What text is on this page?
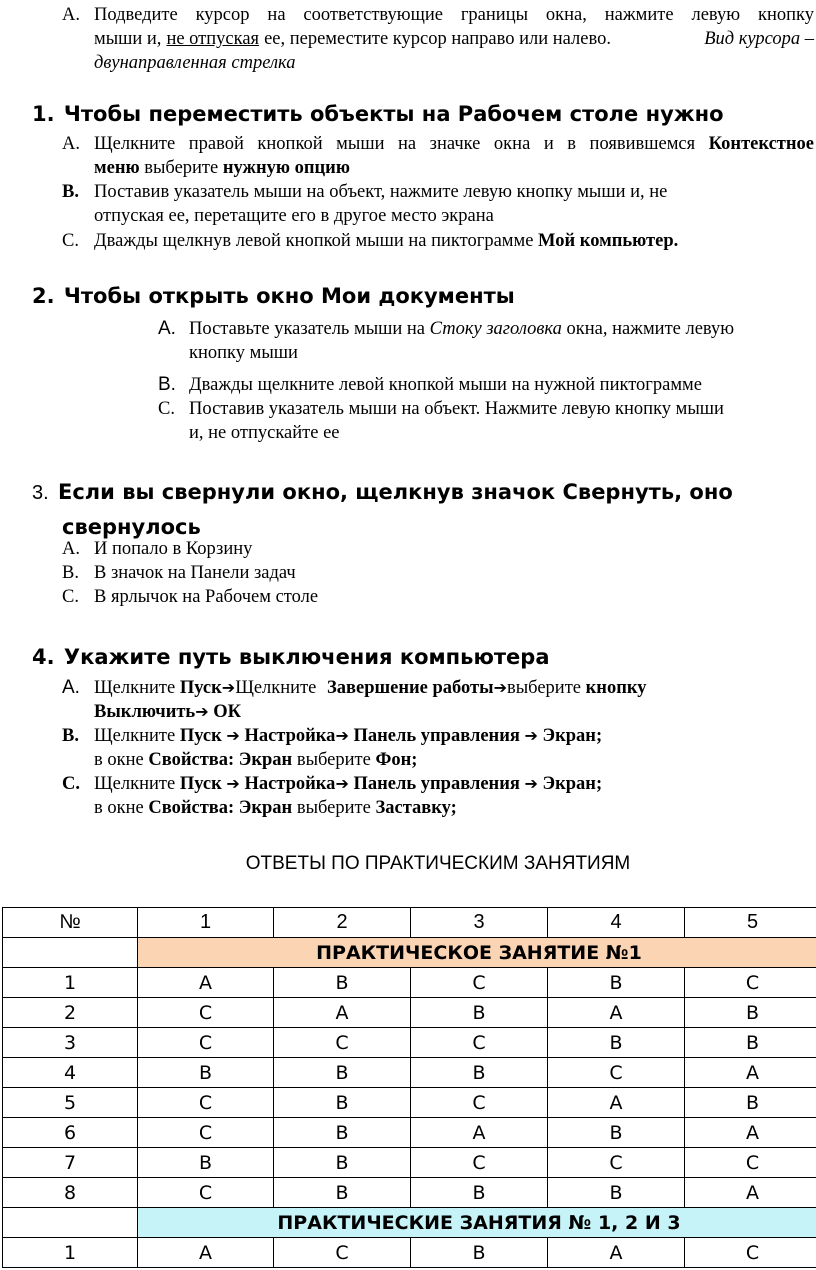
A. Подведите курсор на соответствующие границы окна, нажмите левую кнопку
мыши и, не отпуская ее, переместите курсор направо или налево.	Вид курсора –
двунаправленная стрелка
1. Чтобы переместить объекты на Рабочем столе нужно
A. Щелкните правой кнопкой мыши на значке окна и в появившемся Контекстное
меню выберите нужную опцию
B. Поставив указатель мыши на объект, нажмите левую кнопку мыши и, не
отпуская ее, перетащите его в другое место экрана
C. Дважды щелкнув левой кнопкой мыши на пиктограмме Мой компьютер.
2. Чтобы открыть окно Мои документы
A. Поставьте указатель мыши на Стоку заголовка окна, нажмите левую
кнопку мыши
B. Дважды щелкните левой кнопкой мыши на нужной пиктограмме
C. Поставив указатель мыши на объект. Нажмите левую кнопку мыши
и, не отпускайте ее
3. Если вы свернули окно, щелкнув значок Свернуть, оно
свернулось
A. И попало в Корзину
B. В значок на Панели задач
C. В ярлычок на Рабочем столе
4. Укажите путь выключения компьютера
A. Щелкните Пуск➔Щелкните Завершение работы➔выберите кнопку
Выключить➔ ОК
B. Щелкните Пуск ➔ Настройка➔ Панель управления ➔ Экран;
в окне Свойства: Экран выберите Фон;
C. Щелкните Пуск ➔ Настройка➔ Панель управления ➔ Экран;
в окне Свойства: Экран выберите Заставку;
ОТВЕТЫ ПО ПРАКТИЧЕСКИМ ЗАНЯТИЯМ
№	1	2	3	4	5
	ПРАКТИЧЕСКОЕ ЗАНЯТИЕ №1				
1	A	B	C	B	C
2	C	A	B	A	B
3	C	C	C	B	B
4	B	B	B	C	A
5	C	B	C	A	B
6	C	B	A	B	A
7	B	B	C	C	C
8	C	B	B	B	A
	ПРАКТИЧЕСКИЕ ЗАНЯТИЯ № 1, 2 И 3				
1	A	C	B	A	C
